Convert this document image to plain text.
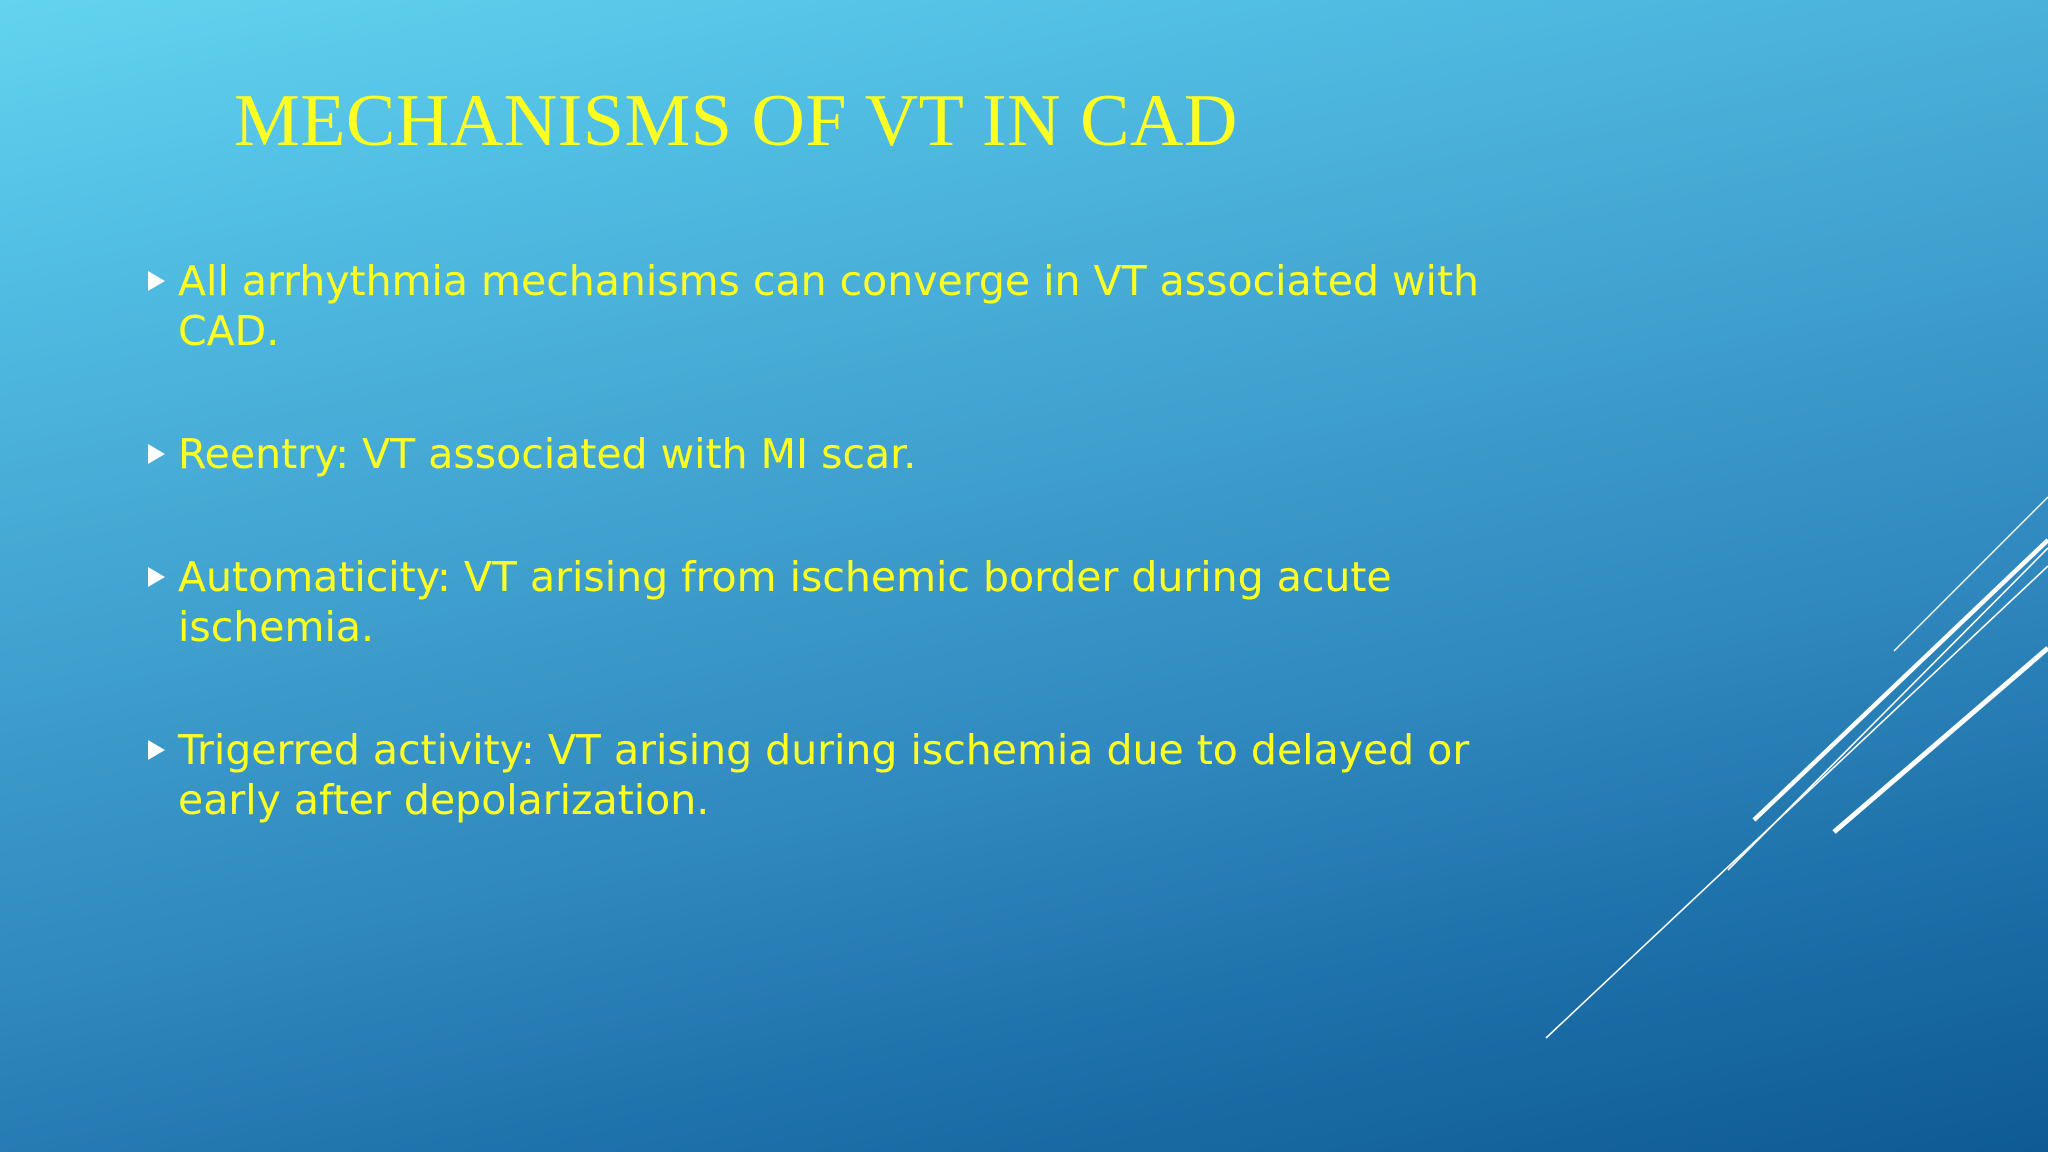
MECHANISMS OF VT IN CAD
All arrhythmia mechanisms can converge in VT associated with CAD.
Reentry: VT associated with MI scar.
Automaticity: VT arising from ischemic border during acute ischemia.
Trigerred activity: VT arising during ischemia due to delayed or early after depolarization.
